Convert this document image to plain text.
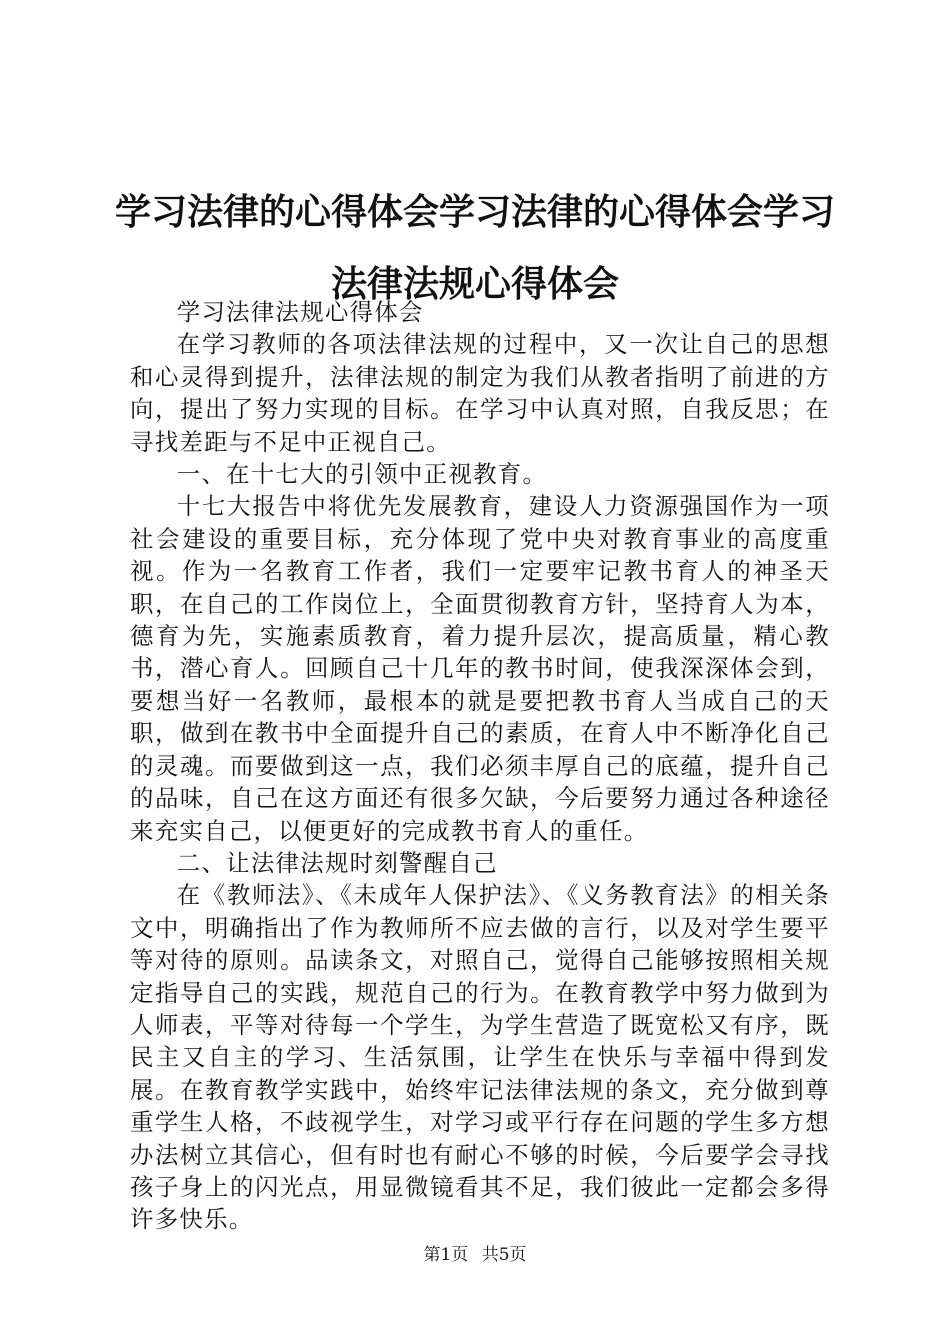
学习法律的心得体会学习法律的心得体会学习
法律法规心得体会

学习法律法规心得体会

在学习教师的各项法律法规的过程中，又一次让自己的思想和心灵得到提升，法律法规的制定为我们从教者指明了前进的方向，提出了努力实现的目标。在学习中认真对照，自我反思；在寻找差距与不足中正视自己。

一、在十七大的引领中正视教育。

十七大报告中将优先发展教育，建设人力资源强国作为一项社会建设的重要目标，充分体现了党中央对教育事业的高度重视。作为一名教育工作者，我们一定要牢记教书育人的神圣天职，在自己的工作岗位上，全面贯彻教育方针，坚持育人为本，德育为先，实施素质教育，着力提升层次，提高质量，精心教书，潜心育人。回顾自己十几年的教书时间，使我深深体会到，要想当好一名教师，最根本的就是要把教书育人当成自己的天职，做到在教书中全面提升自己的素质，在育人中不断净化自己的灵魂。而要做到这一点，我们必须丰厚自己的底蕴，提升自己的品味，自己在这方面还有很多欠缺，今后要努力通过各种途径来充实自己，以便更好的完成教书育人的重任。

二、让法律法规时刻警醒自己

在《教师法》、《未成年人保护法》、《义务教育法》的相关条文中，明确指出了作为教师所不应去做的言行，以及对学生要平等对待的原则。品读条文，对照自己，觉得自己能够按照相关规定指导自己的实践，规范自己的行为。在教育教学中努力做到为人师表，平等对待每一个学生，为学生营造了既宽松又有序，既民主又自主的学习、生活氛围，让学生在快乐与幸福中得到发展。在教育教学实践中，始终牢记法律法规的条文，充分做到尊重学生人格，不歧视学生，对学习或平行存在问题的学生多方想办法树立其信心，但有时也有耐心不够的时候，今后要学会寻找孩子身上的闪光点，用显微镜看其不足，我们彼此一定都会多得许多快乐。

第1页 共5页
